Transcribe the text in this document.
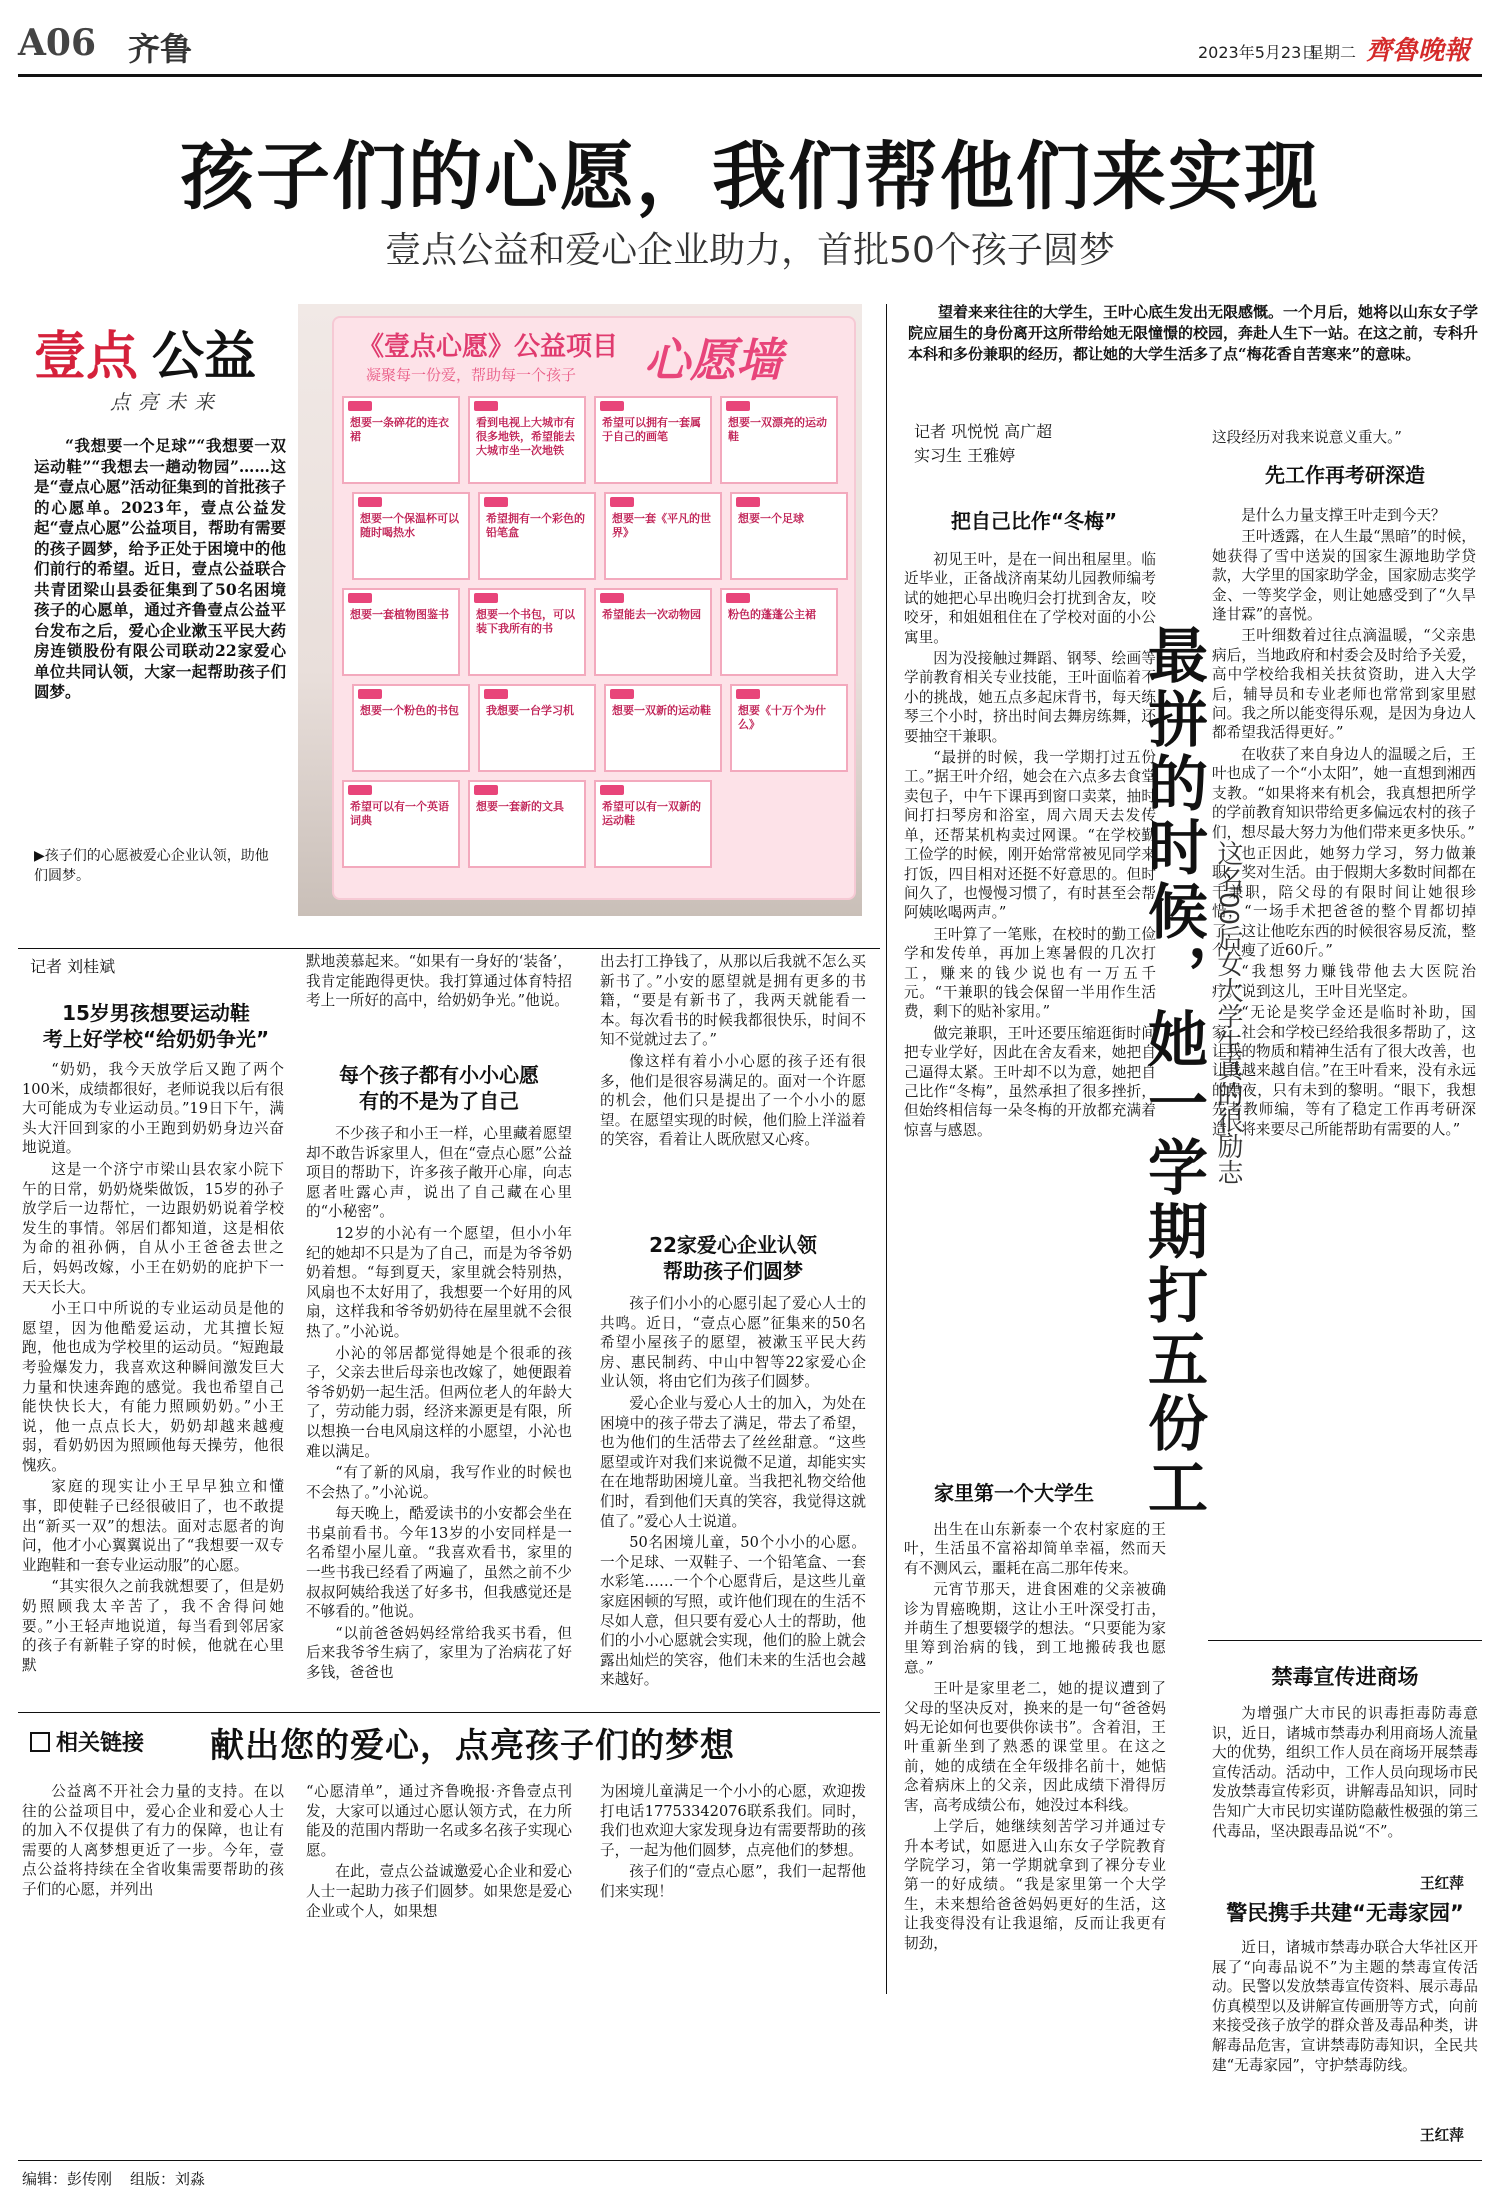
A06 齐鲁	2023年5月23日
星期二 齊魯晚報
孩子们的心愿，我们帮他们来实现
壹点公益和爱心企业助力，首批50个孩子圆梦
壹点 公益
点亮未来

“我想要一个足球”“我想要一双运动鞋”“我想去一趟动物园”……这是“壹点心愿”活动征集到的首批孩子的心愿单。2023年，壹点公益发起“壹点心愿”公益项目，帮助有需要的孩子圆梦，给予正处于困境中的他们前行的希望。近日，壹点公益联合共青团梁山县委征集到了50名困境孩子的心愿单，通过齐鲁壹点公益平台发布之后，爱心企业漱玉平民大药房连锁股份有限公司联动22家爱心单位共同认领，大家一起帮助孩子们圆梦。

▶孩子们的心愿被爱心企业认领，助他们圆梦。
《壹点心愿》公益项目
凝聚每一份爱，帮助每一个孩子 心愿墙
想要一条碎花的连衣裙
看到电视上大城市有很多地铁，希望能去大城市坐一次地铁
希望可以拥有一套属于自己的画笔
想要一双漂亮的运动鞋
想要一个保温杯可以随时喝热水
希望拥有一个彩色的铅笔盒
想要一套《平凡的世界》
想要一个足球
想要一套植物图鉴书 想要一个书包，可以装下我所有的书
希望能去一次动物园 粉色的蓬蓬公主裙
想要一个粉色的书包 我想要一台学习机	想要一双新的运动鞋 想要《十万个为什么》
希望可以有一个英语词典
想要一套新的文具	希望可以有一双新的运动鞋
记者 刘桂斌
15岁男孩想要运动鞋
考上好学校“给奶奶争光”

“奶奶，我今天放学后又跑了两个100米，成绩都很好，老师说我以后有很大可能成为专业运动员。”19日下午，满头大汗回到家的小王跑到奶奶身边兴奋地说道。

这是一个济宁市梁山县农家小院下午的日常，奶奶烧柴做饭，15岁的孙子放学后一边帮忙，一边跟奶奶说着学校发生的事情。邻居们都知道，这是相依为命的祖孙俩，自从小王爸爸去世之后，妈妈改嫁，小王在奶奶的庇护下一天天长大。

小王口中所说的专业运动员是他的愿望，因为他酷爱运动，尤其擅长短跑，他也成为学校里的运动员。“短跑最考验爆发力，我喜欢这种瞬间激发巨大力量和快速奔跑的感觉。我也希望自己能快快长大，有能力照顾奶奶。”小王说，他一点点长大，奶奶却越来越瘦弱，看奶奶因为照顾他每天操劳，他很愧疚。

家庭的现实让小王早早独立和懂事，即使鞋子已经很破旧了，也不敢提出“新买一双”的想法。面对志愿者的询问，他才小心翼翼说出了“我想要一双专业跑鞋和一套专业运动服”的心愿。

“其实很久之前我就想要了，但是奶奶照顾我太辛苦了，我不舍得问她要。”小王轻声地说道，每当看到邻居家的孩子有新鞋子穿的时候，他就在心里默

默地羡慕起来。“如果有一身好的‘装备’，我肯定能跑得更快。我打算通过体育特招考上一所好的高中，给奶奶争光。”他说。

每个孩子都有小小心愿
有的不是为了自己

不少孩子和小王一样，心里藏着愿望却不敢告诉家里人，但在“壹点心愿”公益项目的帮助下，许多孩子敞开心扉，向志愿者吐露心声，说出了自己藏在心里的“小秘密”。

12岁的小沁有一个愿望，但小小年纪的她却不只是为了自己，而是为爷爷奶奶着想。“每到夏天，家里就会特别热，风扇也不太好用了，我想要一个好用的风扇，这样我和爷爷奶奶待在屋里就不会很热了。”小沁说。

小沁的邻居都觉得她是个很乖的孩子，父亲去世后母亲也改嫁了，她便跟着爷爷奶奶一起生活。但两位老人的年龄大了，劳动能力弱，经济来源更是有限，所以想换一台电风扇这样的小愿望，小沁也难以满足。

“有了新的风扇，我写作业的时候也不会热了。”小沁说。

每天晚上，酷爱读书的小安都会坐在书桌前看书。今年13岁的小安同样是一名希望小屋儿童。“我喜欢看书，家里的一些书我已经看了两遍了，虽然之前不少叔叔阿姨给我送了好多书，但我感觉还是不够看的。”他说。

“以前爸爸妈妈经常给我买书看，但后来我爷爷生病了，家里为了治病花了好多钱，爸爸也

出去打工挣钱了，从那以后我就不怎么买新书了。”小安的愿望就是拥有更多的书籍，“要是有新书了，我两天就能看一本。每次看书的时候我都很快乐，时间不知不觉就过去了。”

像这样有着小小心愿的孩子还有很多，他们是很容易满足的。面对一个许愿的机会，他们只是提出了一个小小的愿望。在愿望实现的时候，他们脸上洋溢着的笑容，看着让人既欣慰又心疼。

22家爱心企业认领
帮助孩子们圆梦

孩子们小小的心愿引起了爱心人士的共鸣。近日，“壹点心愿”征集来的50名希望小屋孩子的愿望，被漱玉平民大药房、惠民制药、中山中智等22家爱心企业认领，将由它们为孩子们圆梦。

爱心企业与爱心人士的加入，为处在困境中的孩子带去了满足，带去了希望，也为他们的生活带去了丝丝甜意。“这些愿望或许对我们来说微不足道，却能实实在在地帮助困境儿童。当我把礼物交给他们时，看到他们天真的笑容，我觉得这就值了。”爱心人士说道。

50名困境儿童，50个小小的心愿。一个足球、一双鞋子、一个铅笔盒、一套水彩笔……一个个心愿背后，是这些儿童家庭困顿的写照，或许他们现在的生活不尽如人意，但只要有爱心人士的帮助，他们的小小心愿就会实现，他们的脸上就会露出灿烂的笑容，他们未来的生活也会越来越好。

相关链接 献出您的爱心，点亮孩子们的梦想

公益离不开社会力量的支持。在以往的公益项目中，爱心企业和爱心人士的加入不仅提供了有力的保障，也让有需要的人离梦想更近了一步。今年，壹点公益将持续在全省收集需要帮助的孩子们的心愿，并列出

“心愿清单”，通过齐鲁晚报·齐鲁壹点刊发，大家可以通过心愿认领方式，在力所能及的范围内帮助一名或多名孩子实现心愿。

在此，壹点公益诚邀爱心企业和爱心人士一起助力孩子们圆梦。如果您是爱心企业或个人，如果想

为困境儿童满足一个小小的心愿，欢迎拨打电话17753342076联系我们。同时，我们也欢迎大家发现身边有需要帮助的孩子，一起为他们圆梦，点亮他们的梦想。

孩子们的“壹点心愿”，我们一起帮他们来实现！

望着来来往往的大学生，王叶心底生发出无限感慨。一个月后，她将以山东女子学院应届生的身份离开这所带给她无限憧憬的校园，奔赴人生下一站。在这之前，专科升本科和多份兼职的经历，都让她的大学生活多了点“梅花香自苦寒来”的意味。

记者 巩悦悦 高广超
实习生 王雅婷
把自己比作“冬梅”

初见王叶，是在一间出租屋里。临近毕业，正备战济南某幼儿园教师编考试的她把心早出晚归会打扰到舍友，咬咬牙，和姐姐租住在了学校对面的小公寓里。

因为没接触过舞蹈、钢琴、绘画等学前教育相关专业技能，王叶面临着不小的挑战，她五点多起床背书，每天练琴三个小时，挤出时间去舞房练舞，还要抽空干兼职。

“最拼的时候，我一学期打过五份工。”据王叶介绍，她会在六点多去食堂卖包子，中午下课再到窗口卖菜，抽时间打扫琴房和浴室，周六周天去发传单，还帮某机构卖过网课。“在学校勤工俭学的时候，刚开始常常被见同学来打饭，四目相对还挺不好意思的。但时间久了，也慢慢习惯了，有时甚至会帮阿姨吆喝两声。”

王叶算了一笔账，在校时的勤工俭学和发传单，再加上寒暑假的几次打工，赚来的钱少说也有一万五千元。“干兼职的钱会保留一半用作生活费，剩下的贴补家用。”

做完兼职，王叶还要压缩逛街时间把专业学好，因此在舍友看来，她把自己逼得太紧。王叶却不以为意，她把自己比作“冬梅”，虽然承担了很多挫折，但始终相信每一朵冬梅的开放都充满着惊喜与感恩。	最拼的时候，她一学期打五份工 这名00后女大学生真的很励志
家里第一个大学生

出生在山东新泰一个农村家庭的王叶，生活虽不富裕却简单幸福，然而天有不测风云，噩耗在高二那年传来。

元宵节那天，进食困难的父亲被确诊为胃癌晚期，这让小王叶深受打击，并萌生了想要辍学的想法。“只要能为家里筹到治病的钱，到工地搬砖我也愿意。”

王叶是家里老二，她的提议遭到了父母的坚决反对，换来的是一句“爸爸妈妈无论如何也要供你读书”。含着泪，王叶重新坐到了熟悉的课堂里。在这之前，她的成绩在全年级排名前十，她惦念着病床上的父亲，因此成绩下滑得厉害，高考成绩公布，她没过本科线。

上学后，她继续刻苦学习并通过专升本考试，如愿进入山东女子学院教育学院学习，第一学期就拿到了裸分专业第一的好成绩。“我是家里第一个大学生，未来想给爸爸妈妈更好的生活，这让我变得没有让我退缩，反而让我更有韧劲，

这段经历对我来说意义重大。”

先工作再考研深造

是什么力量支撑王叶走到今天？

王叶透露，在人生最“黑暗”的时候，她获得了雪中送炭的国家生源地助学贷款，大学里的国家助学金，国家励志奖学金、一等奖学金，则让她感受到了“久旱逢甘霖”的喜悦。

王叶细数着过往点滴温暖，“父亲患病后，当地政府和村委会及时给予关爱，高中学校给我相关扶贫资助，进入大学后，辅导员和专业老师也常常到家里慰问。我之所以能变得乐观，是因为身边人都希望我活得更好。”

在收获了来自身边人的温暖之后，王叶也成了一个“小太阳”，她一直想到湘西支教。“如果将来有机会，我真想把所学的学前教育知识带给更多偏远农村的孩子们，想尽最大努力为他们带来更多快乐。”

也正因此，她努力学习，努力做兼职，奖对生活。由于假期大多数时间都在干兼职，陪父母的有限时间让她很珍惜，“一场手术把爸爸的整个胃都切掉了，这让他吃东西的时候很容易反流，整个人瘦了近60斤。”

“我想努力赚钱带他去大医院治疗。”说到这儿，王叶目光坚定。

“无论是奖学金还是临时补助，国家、社会和学校已经给我很多帮助了，这让我的物质和精神生活有了很大改善，也让我越来越自信。”在王叶看来，没有永远的黑夜，只有未到的黎明。“眼下，我想先考教师编，等有了稳定工作再考研深造，将来要尽己所能帮助有需要的人。”

禁毒宣传进商场

为增强广大市民的识毒拒毒防毒意识，近日，诸城市禁毒办利用商场人流量大的优势，组织工作人员在商场开展禁毒宣传活动。活动中，工作人员向现场市民发放禁毒宣传彩页，讲解毒品知识，同时告知广大市民切实谨防隐蔽性极强的第三代毒品，坚决跟毒品说“不”。

王红萍
警民携手共建“无毒家园”

近日，诸城市禁毒办联合大华社区开展了“向毒品说不”为主题的禁毒宣传活动。民警以发放禁毒宣传资料、展示毒品仿真模型以及讲解宣传画册等方式，向前来接受孩子放学的群众普及毒品种类，讲解毒品危害，宣讲禁毒防毒知识，全民共建“无毒家园”，守护禁毒防线。

王红萍
编辑：彭传刚 组版：刘淼
